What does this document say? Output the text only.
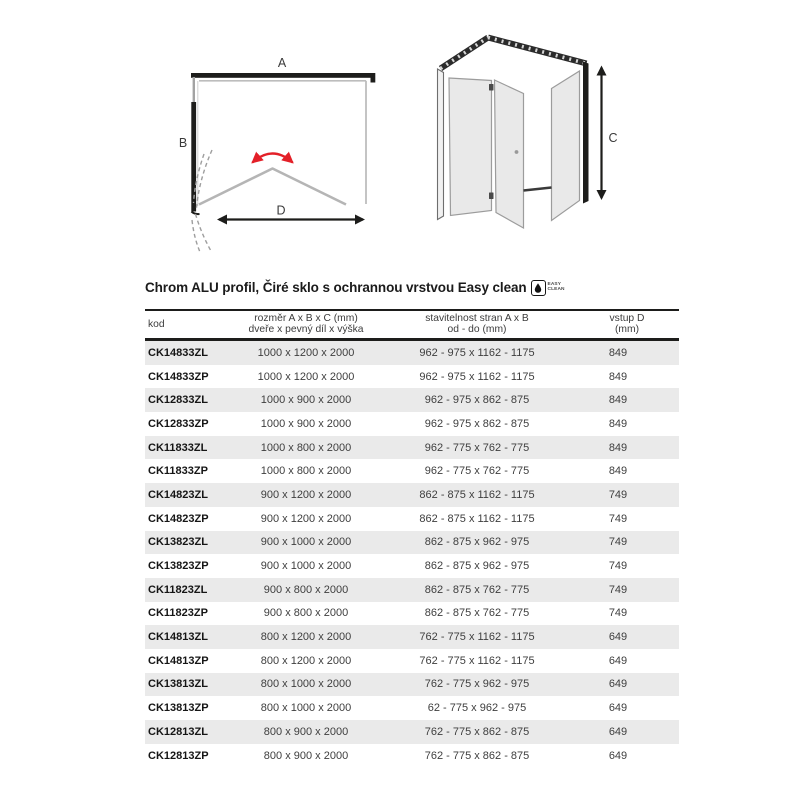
A
B
D
C
Chrom ALU profil, Čiré sklo s ochrannou vrstvou Easy clean	EASY
CLEAN
kod	rozměr A x B x C (mm)
dveře x pevný díl x výška

stavitelnost stran A x B
od - do (mm)

vstup D
(mm)

CK14833ZL	1000 x 1200 x 2000	962 - 975 x 1162 - 1175	849
CK14833ZP	1000 x 1200 x 2000	962 - 975 x 1162 - 1175	849
CK12833ZL	1000 x 900 x 2000	962 - 975 x 862 - 875	849
CK12833ZP	1000 x 900 x 2000	962 - 975 x 862 - 875	849
CK11833ZL	1000 x 800 x 2000	962 - 775 x 762 - 775	849
CK11833ZP	1000 x 800 x 2000	962 - 775 x 762 - 775	849
CK14823ZL	900 x 1200 x 2000	862 - 875 x 1162 - 1175	749
CK14823ZP	900 x 1200 x 2000	862 - 875 x 1162 - 1175	749
CK13823ZL	900 x 1000 x 2000	862 - 875 x 962 - 975	749
CK13823ZP	900 x 1000 x 2000	862 - 875 x 962 - 975	749
CK11823ZL	900 x 800 x 2000	862 - 875 x 762 - 775	749
CK11823ZP	900 x 800 x 2000	862 - 875 x 762 - 775	749
CK14813ZL	800 x 1200 x 2000	762 - 775 x 1162 - 1175	649
CK14813ZP	800 x 1200 x 2000	762 - 775 x 1162 - 1175	649
CK13813ZL	800 x 1000 x 2000	762 - 775 x 962 - 975	649
CK13813ZP	800 x 1000 x 2000	62 - 775 x 962 - 975	649
CK12813ZL	800 x 900 x 2000	762 - 775 x 862 - 875	649
CK12813ZP	800 x 900 x 2000	762 - 775 x 862 - 875	649
